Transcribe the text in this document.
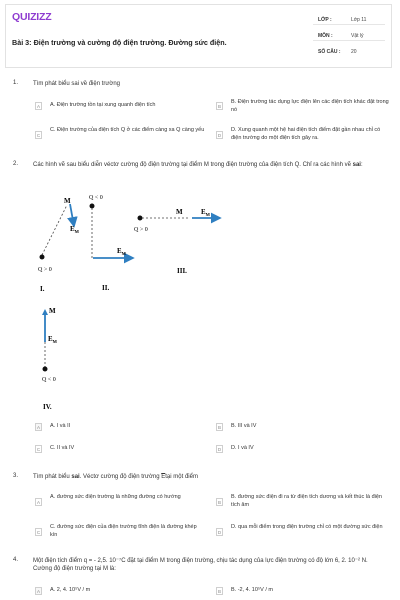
QUIZIZZ
Bài 3: Điện trường và cường độ điện trường. Đường sức điện.
LỚP :	Lớp 11
MÔN :	Vật lý
SỐ CÂU : 20
1. Tìm phát biểu sai về điện trường
A	A. Điện trường tồn tại xung quanh điện tích	B
B. Điện trường tác dụng lực điện lên các điện tích khác đặt trong nó
C
C. Điện trường của điện tích Q ở các điểm càng xa Q càng yếu
D
D. Xung quanh một hệ hai điện tích điểm đặt gần nhau chỉ có điện trường do một điện tích gây ra.
2. Các hình vẽ sau biểu diễn véctơ cường độ điện trường tại điểm M trong điện trường của điện tích Q. Chỉ ra các hình vẽ sai:
M
$E_M$
Q > 0
I.
Q < 0
$E_M$
II.
M	$E_M$
Q > 0
III.
M
$E_M$
Q < 0
IV.
A	A. I và II	B	B. III và IV
C	C. II và IV	D	D. I và IV
3. Tìm phát biểu sai. Véctơ cường độ điện trường $\overline{E}tại$ một điểm
A
A. đường sức điện trường là những đường có hướng
B
B. đường sức điện đi ra từ điện tích dương và kết thúc là điện tích âm
C
C. đường sức điện của điện trường tĩnh điện là đường khép kín	D
D. qua mỗi điểm trong điện trường chỉ có một đường sức điện
4. Một điện tích điểm q = - 2,5. 10⁻⁷C đặt tại điểm M trong điện trường, chịu tác dụng của lực điện trường có độ lớn 6, 2. 10⁻² N. Cường độ điện trường tại M là:
A	A. 2, 4. 10⁵V / m	B	B. -2, 4. 10⁵V / m
